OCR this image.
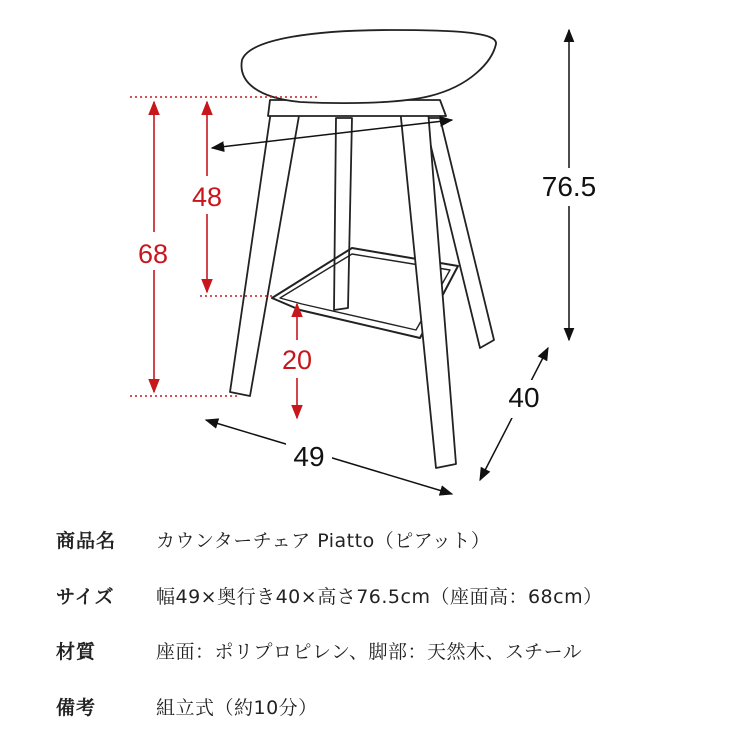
68
48
20
49
40
76.5
商品名	カウンターチェア Piatto（ピアット）
サイズ	幅49×奥行き40×高さ76.5cm（座面高：68cm）
材質	座面：ポリプロピレン、脚部：天然木、スチール
備考	組立式（約10分）
